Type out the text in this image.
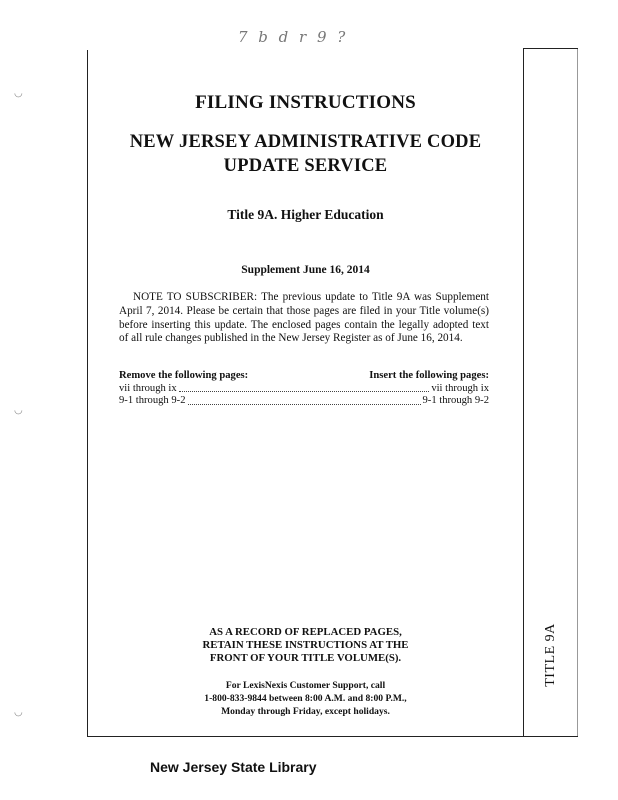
7 b d r 9 ?
◡
◡
◡
FILING INSTRUCTIONS
NEW JERSEY ADMINISTRATIVE CODE
UPDATE SERVICE
Title 9A. Higher Education
Supplement June 16, 2014
NOTE TO SUBSCRIBER: The previous update to Title 9A was Supplement April 7, 2014. Please be certain that those pages are filed in your Title volume(s) before inserting this update. The enclosed pages contain the legally adopted text of all rule changes published in the New Jersey Register as of June 16, 2014.
Remove the following pages:	Insert the following pages:
vii through ix	vii through ix
9-1 through 9-2	9-1 through 9-2
AS A RECORD OF REPLACED PAGES,
RETAIN THESE INSTRUCTIONS AT THE
FRONT OF YOUR TITLE VOLUME(S).
For LexisNexis Customer Support, call
1-800-833-9844 between 8:00 A.M. and 8:00 P.M.,
Monday through Friday, except holidays.
TITLE 9A
New Jersey State Library
